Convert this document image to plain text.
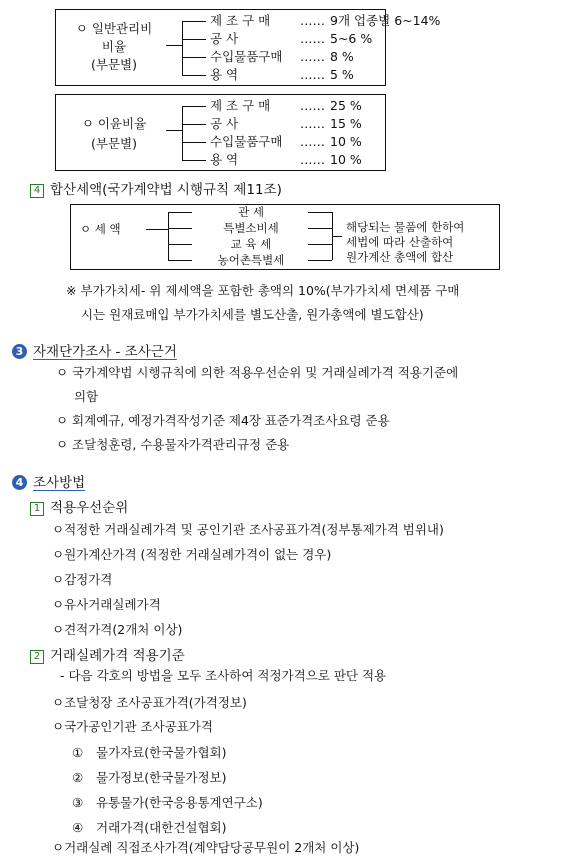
ㅇ 일반관리비
비율
(부문별)
제 조 구 매 …… 9개 업종별 6~14%
공 사	…… 5~6 %
수입물품구매 …… 8 %
용 역	…… 5 %
ㅇ 이윤비율
(부문별)
제 조 구 매 …… 25 %
공 사	…… 15 %
수입물품구매 …… 10 %
용 역	…… 10 %
4 합산세액(국가계약법 시행규칙 제11조)
ㅇ 세 액
관 세
특별소비세
교 육 세
농어촌특별세
해당되는 물품에 한하여
세법에 따라 산출하여
원가계산 총액에 합산
※ 부가가치세- 위 제세액을 포함한 총액의 10%(부가가치세 면세품 구매
시는 원재료매입 부가가치세를 별도산출, 원가총액에 별도합산)
3 자재단가조사 - 조사근거
ㅇ 국가계약법 시행규칙에 의한 적용우선순위 및 거래실례가격 적용기준에
의함
ㅇ 회계예규, 예정가격작성기준 제4장 표준가격조사요령 준용
ㅇ 조달청훈령, 수용물자가격관리규정 준용
4 조사방법
1 적용우선순위
ㅇ적정한 거래실례가격 및 공인기관 조사공표가격(정부통제가격 범위내)
ㅇ원가계산가격 (적정한 거래실례가격이 없는 경우)
ㅇ감정가격
ㅇ유사거래실례가격
ㅇ견적가격(2개처 이상)
2 거래실례가격 적용기준
- 다음 각호의 방법을 모두 조사하여 적정가격으로 판단 적용
ㅇ조달청장 조사공표가격(가격정보)
ㅇ국가공인기관 조사공표가격
① 물가자료(한국물가협회)
② 물가정보(한국물가정보)
③ 유통물가(한국응용통계연구소)
④ 거래가격(대한건설협회)
ㅇ거래실례 직접조사가격(계약담당공무원이 2개처 이상)
